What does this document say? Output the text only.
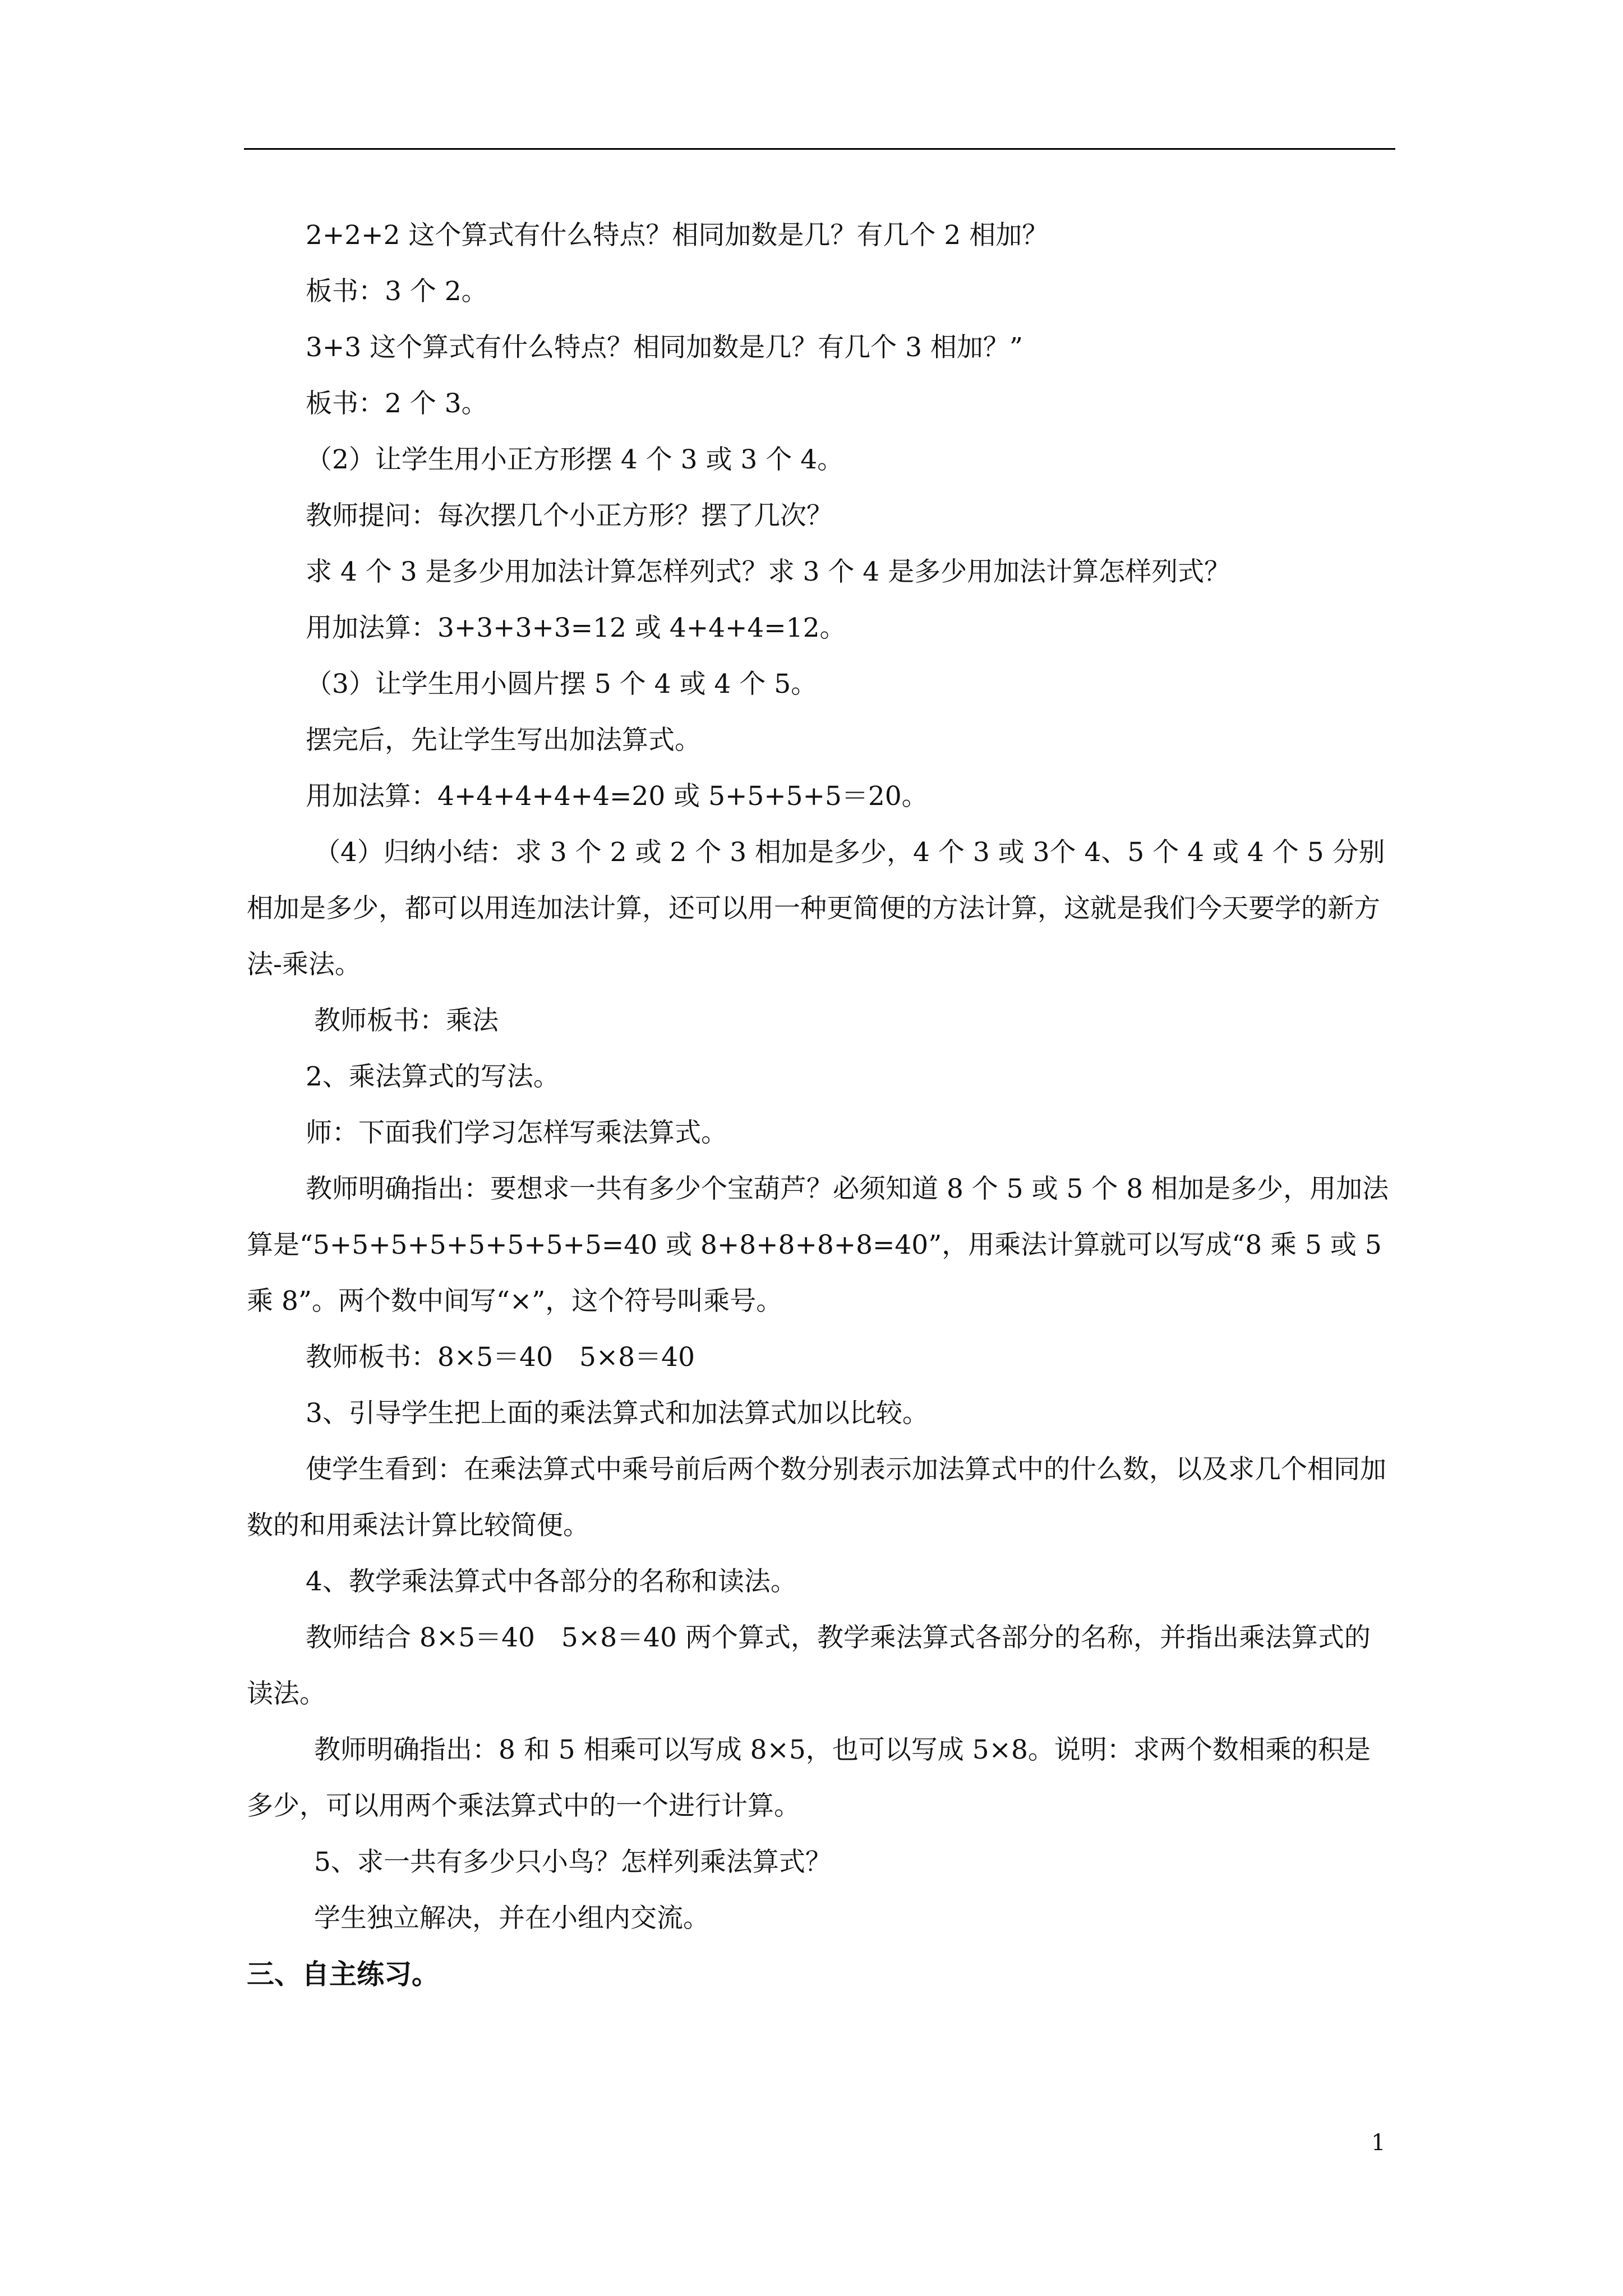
2+2+2 这个算式有什么特点？相同加数是几？有几个 2 相加？

板书：3 个 2。

3+3 这个算式有什么特点？相同加数是几？有几个 3 相加？”

板书：2 个 3。

（2）让学生用小正方形摆 4 个 3 或 3 个 4。

教师提问：每次摆几个小正方形？摆了几次？

求 4 个 3 是多少用加法计算怎样列式？求 3 个 4 是多少用加法计算怎样列式？

用加法算：3+3+3+3=12 或 4+4+4=12。

（3）让学生用小圆片摆 5 个 4 或 4 个 5。

摆完后，先让学生写出加法算式。

用加法算：4+4+4+4+4=20 或 5+5+5+5＝20。

（4）归纳小结：求 3 个 2 或 2 个 3 相加是多少，4 个 3 或 3个 4、5 个 4 或 4 个 5 分别相加是多少，都可以用连加法计算，还可以用一种更简便的方法计算，这就是我们今天要学的新方法-乘法。

教师板书：乘法

2、乘法算式的写法。

师：下面我们学习怎样写乘法算式。

教师明确指出：要想求一共有多少个宝葫芦？必须知道 8 个 5 或 5 个 8 相加是多少，用加法算是“5+5+5+5+5+5+5+5=40 或 8+8+8+8+8=40”，用乘法计算就可以写成“8 乘 5 或 5 乘 8”。两个数中间写“×”，这个符号叫乘号。

教师板书：8×5＝40　5×8＝40

3、引导学生把上面的乘法算式和加法算式加以比较。

使学生看到：在乘法算式中乘号前后两个数分别表示加法算式中的什么数，以及求几个相同加数的和用乘法计算比较简便。

4、教学乘法算式中各部分的名称和读法。

教师结合 8×5＝40　5×8＝40 两个算式，教学乘法算式各部分的名称，并指出乘法算式的读法。

教师明确指出：8 和 5 相乘可以写成 8×5，也可以写成 5×8。说明：求两个数相乘的积是多少，可以用两个乘法算式中的一个进行计算。

5、求一共有多少只小鸟？怎样列乘法算式？

学生独立解决，并在小组内交流。

三、自主练习。

1
